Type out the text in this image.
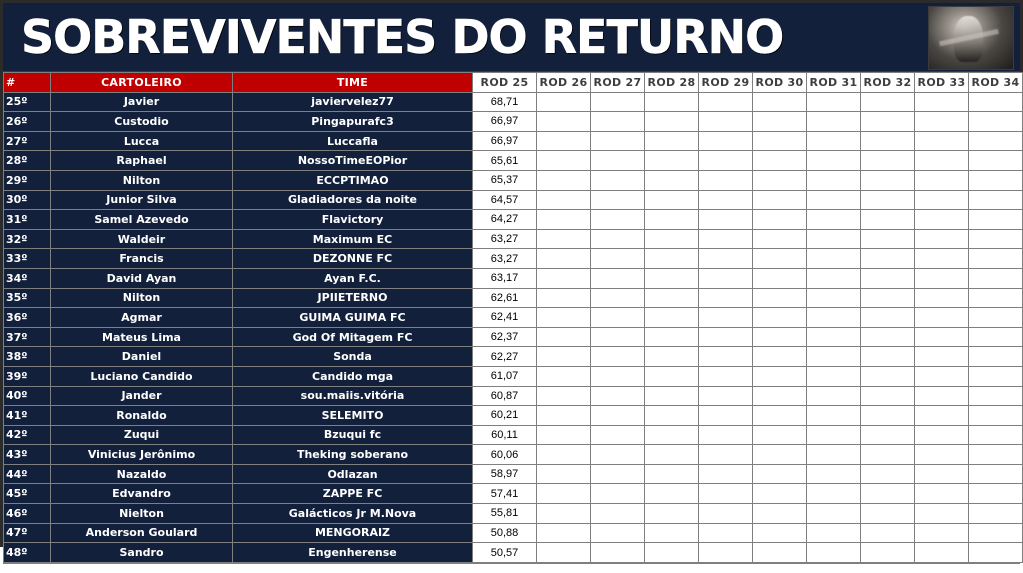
SOBREVIVENTES DO RETURNO
#	CARTOLEIRO	TIME	ROD 25	ROD 26	ROD 27	ROD 28	ROD 29	ROD 30	ROD 31	ROD 32	ROD 33	ROD 34
25º	Javier	javiervelez77	68,71									
26º	Custodio	Pingapurafc3	66,97									
27º	Lucca	Luccafla	66,97									
28º	Raphael	NossoTimeEOPior	65,61									
29º	Nilton	ECCPTIMAO	65,37									
30º	Junior Silva	Gladiadores da noite	64,57									
31º	Samel Azevedo	Flavictory	64,27									
32º	Waldeir	Maximum EC	63,27									
33º	Francis	DEZONNE FC	63,27									
34º	David Ayan	Ayan F.C.	63,17									
35º	Nilton	JPIIETERNO	62,61									
36º	Agmar	GUIMA GUIMA FC	62,41									
37º	Mateus Lima	God Of Mitagem FC	62,37									
38º	Daniel	Sonda	62,27									
39º	Luciano Candido	Candido mga	61,07									
40º	Jander	sou.maiis.vitória	60,87									
41º	Ronaldo	SELEMITO	60,21									
42º	Zuqui	Bzuqui fc	60,11									
43º	Vinicius Jerônimo	Theking soberano	60,06									
44º	Nazaldo	Odlazan	58,97									
45º	Edvandro	ZAPPE FC	57,41									
46º	Nielton	Galácticos Jr M.Nova	55,81									
47º	Anderson Goulard	MENGORAIZ	50,88									
48º	Sandro	Engenherense	50,57									
